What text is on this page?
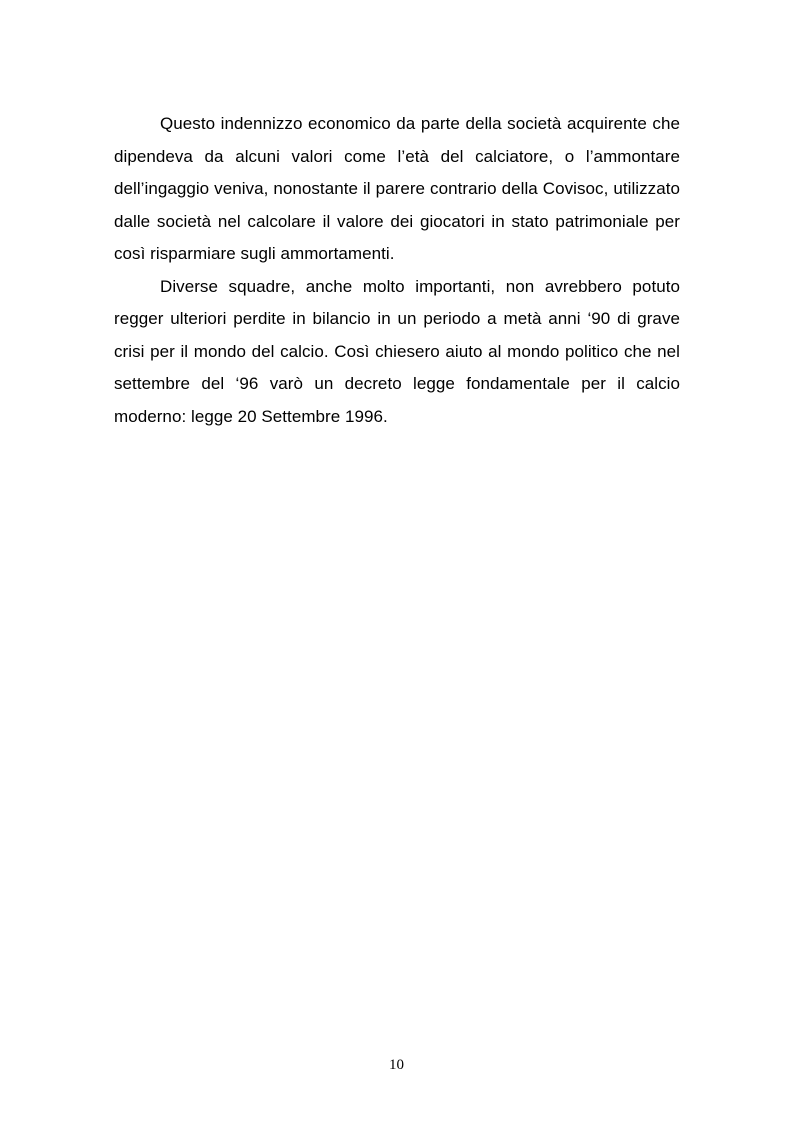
Questo indennizzo economico da parte della società acquirente che dipendeva da alcuni valori come l’età del calciatore, o l’ammontare dell’ingaggio veniva, nonostante il parere contrario della Covisoc, utilizzato dalle società nel calcolare il valore dei giocatori in stato patrimoniale per così risparmiare sugli ammortamenti.

Diverse squadre, anche molto importanti, non avrebbero potuto regger ulteriori perdite in bilancio in un periodo a metà anni ‘90 di grave crisi per il mondo del calcio. Così chiesero aiuto al mondo politico che nel settembre del ‘96 varò un decreto legge fondamentale per il calcio moderno: legge 20 Settembre 1996.

10
